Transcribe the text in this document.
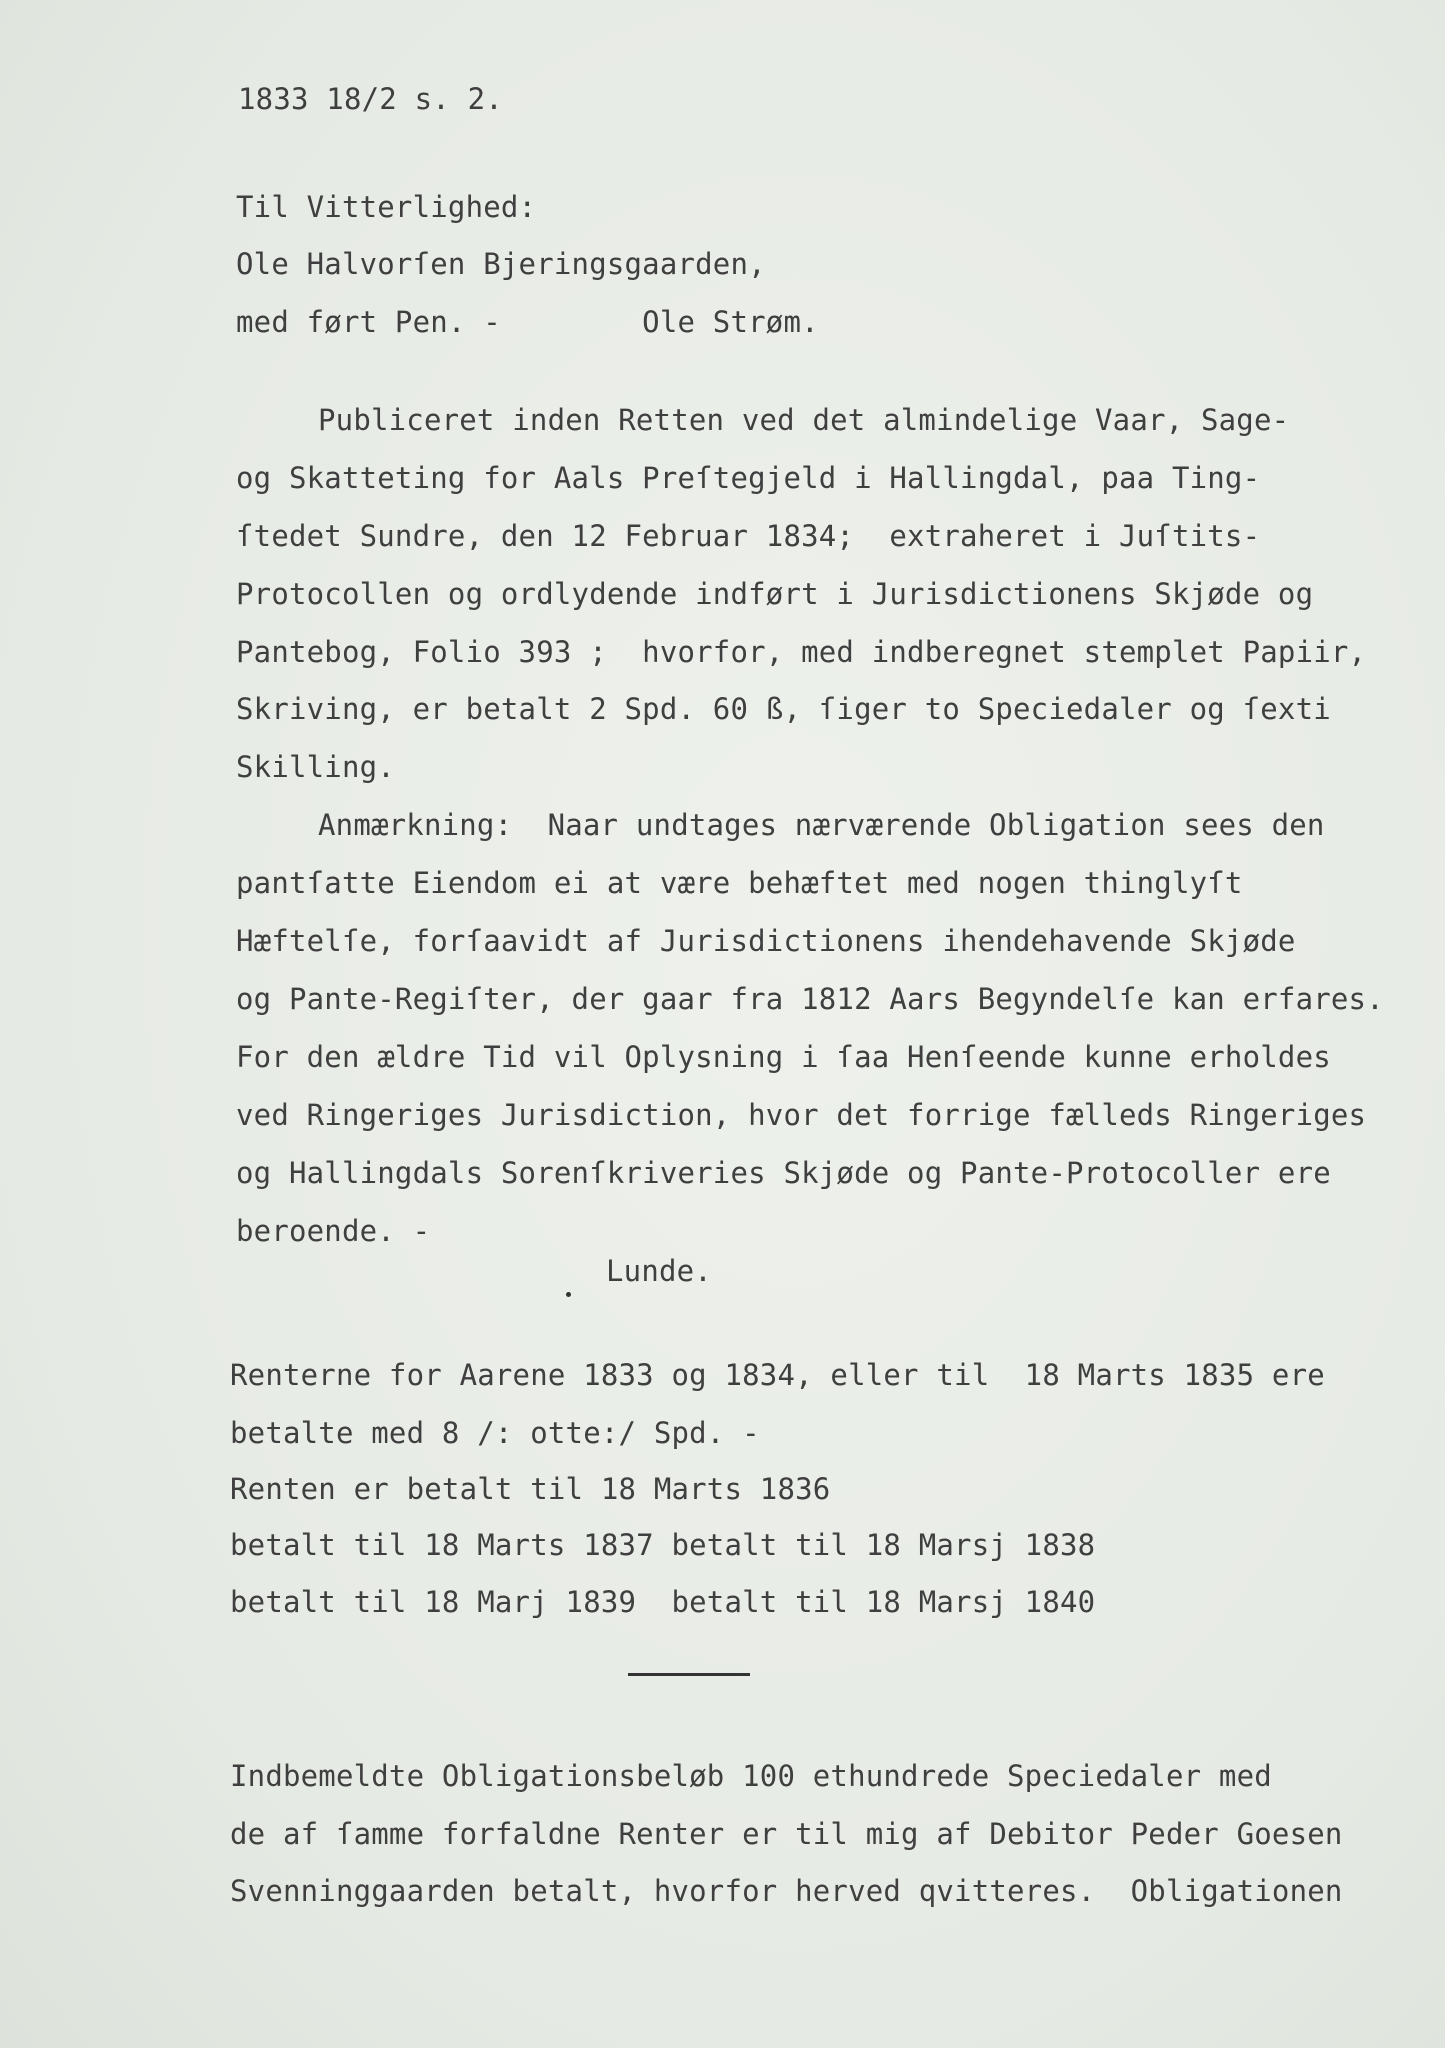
1833 18/2 s. 2.
Til Vitterlighed:
Ole Halvorſen Bjeringsgaarden,
med ført Pen. -        Ole Strøm.
Publiceret inden Retten ved det almindelige Vaar, Sage-
og Skatteting for Aals Preſtegjeld i Hallingdal, paa Ting-
ſtedet Sundre, den 12 Februar 1834;  extraheret i Juſtits-
Protocollen og ordlydende indført i Jurisdictionens Skjøde og
Pantebog, Folio 393 ;  hvorfor, med indberegnet stemplet Papiir,
Skriving, er betalt 2 Spd. 60 ß, ſiger to Speciedaler og ſexti
Skilling.
Anmærkning:  Naar undtages nærværende Obligation sees den
pantſatte Eiendom ei at være behæftet med nogen thinglyſt
Hæftelſe, forſaavidt af Jurisdictionens ihendehavende Skjøde
og Pante-Regiſter, der gaar fra 1812 Aars Begyndelſe kan erfares.
For den ældre Tid vil Oplysning i ſaa Henſeende kunne erholdes
ved Ringeriges Jurisdiction, hvor det forrige fælleds Ringeriges
og Hallingdals Sorenſkriveries Skjøde og Pante-Protocoller ere
beroende. -
Lunde.
Renterne for Aarene 1833 og 1834, eller til  18 Marts 1835 ere
betalte med 8 /: otte:/ Spd. -
Renten er betalt til 18 Marts 1836
betalt til 18 Marts 1837 betalt til 18 Marsj 1838
betalt til 18 Marj 1839  betalt til 18 Marsj 1840
Indbemeldte Obligationsbeløb 100 ethundrede Speciedaler med
de af ſamme forfaldne Renter er til mig af Debitor Peder Goesen
Svenninggaarden betalt, hvorfor herved qvitteres.  Obligationen
